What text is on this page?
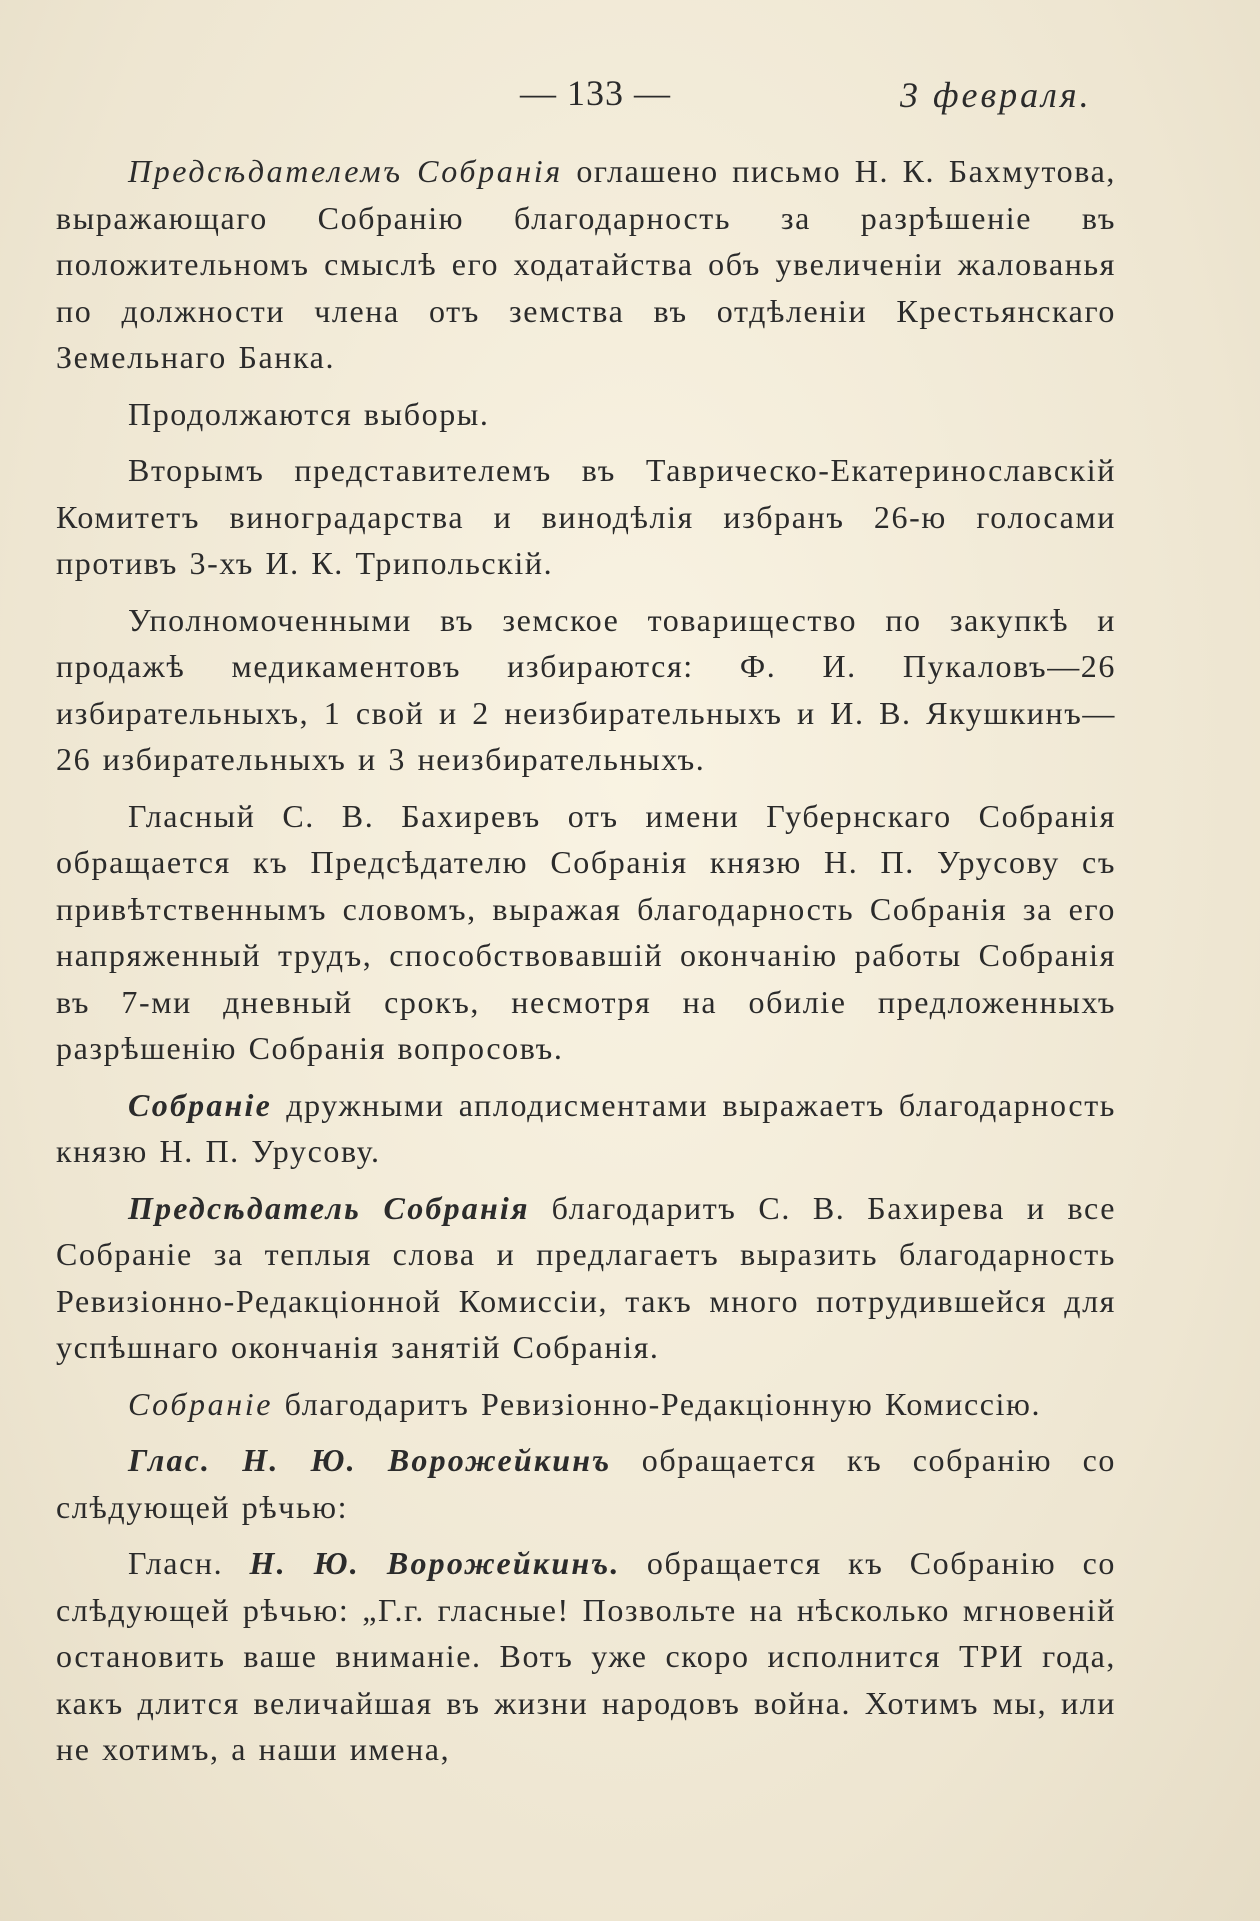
— 133 —	3 февраля.

Предсѣдателемъ Собранія оглашено письмо Н. К. Бахмутова, выражающаго Собранію благодарность за разрѣшеніе въ положительномъ смыслѣ его ходатайства объ увеличеніи жалованья по должности члена отъ земства въ отдѣленіи Крестьянскаго Земельнаго Банка.

Продолжаются выборы.

Вторымъ представителемъ въ Таврическо-Екатеринославскій Комитетъ виноградарства и винодѣлія избранъ 26-ю голосами противъ 3-хъ И. К. Трипольскій.

Уполномоченными въ земское товарищество по закупкѣ и продажѣ медикаментовъ избираются: Ф. И. Пукаловъ—26 избирательныхъ, 1 свой и 2 неизбирательныхъ и И. В. Якушкинъ—26 избирательныхъ и 3 неизбирательныхъ.

Гласный С. В. Бахиревъ отъ имени Губернскаго Собранія обращается къ Предсѣдателю Собранія князю Н. П. Урусову съ привѣтственнымъ словомъ, выражая благодарность Собранія за его напряженный трудъ, способствовавшій окончанію работы Собранія въ 7-ми дневный срокъ, несмотря на обиліе предложенныхъ разрѣшенію Собранія вопросовъ.

Собраніе дружными аплодисментами выражаетъ благодарность князю Н. П. Урусову.

Предсѣдатель Собранія благодаритъ С. В. Бахирева и все Собраніе за теплыя слова и предлагаетъ выразить благодарность Ревизіонно-Редакціонной Комиссіи, такъ много потрудившейся для успѣшнаго окончанія занятій Собранія.

Собраніе благодаритъ Ревизіонно-Редакціонную Комиссію.

Глас. Н. Ю. Ворожейкинъ обращается къ собранію со слѣдующей рѣчью:

Гласн. Н. Ю. Ворожейкинъ. обращается къ Собранію со слѣдующей рѣчью: „Г.г. гласные! Позвольте на нѣсколько мгновеній остановить ваше вниманіе. Вотъ уже скоро исполнится ТРИ года, какъ длится величайшая въ жизни народовъ война. Хотимъ мы, или не хотимъ, а наши имена,
